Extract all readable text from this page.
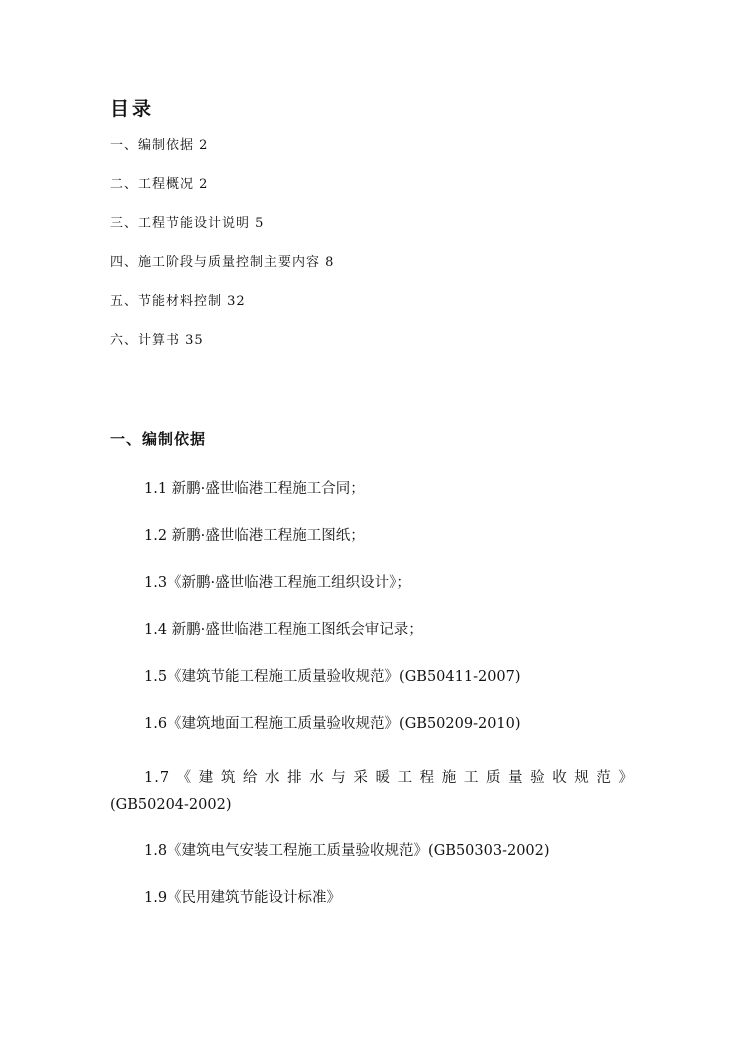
目录
一、编制依据 2
二、工程概况 2
三、工程节能设计说明 5
四、施工阶段与质量控制主要内容 8
五、节能材料控制 32
六、计算书 35
一、编制依据
1.1 新鹏·盛世临港工程施工合同；
1.2 新鹏·盛世临港工程施工图纸；
1.3《新鹏·盛世临港工程施工组织设计》；
1.4 新鹏·盛世临港工程施工图纸会审记录；
1.5《建筑节能工程施工质量验收规范》(GB50411-2007)
1.6《建筑地面工程施工质量验收规范》(GB50209-2010)
1.7《建筑给水排水与采暖工程施工质量验收规范》
(GB50204-2002)
1.8《建筑电气安装工程施工质量验收规范》(GB50303-2002)
1.9《民用建筑节能设计标准》
